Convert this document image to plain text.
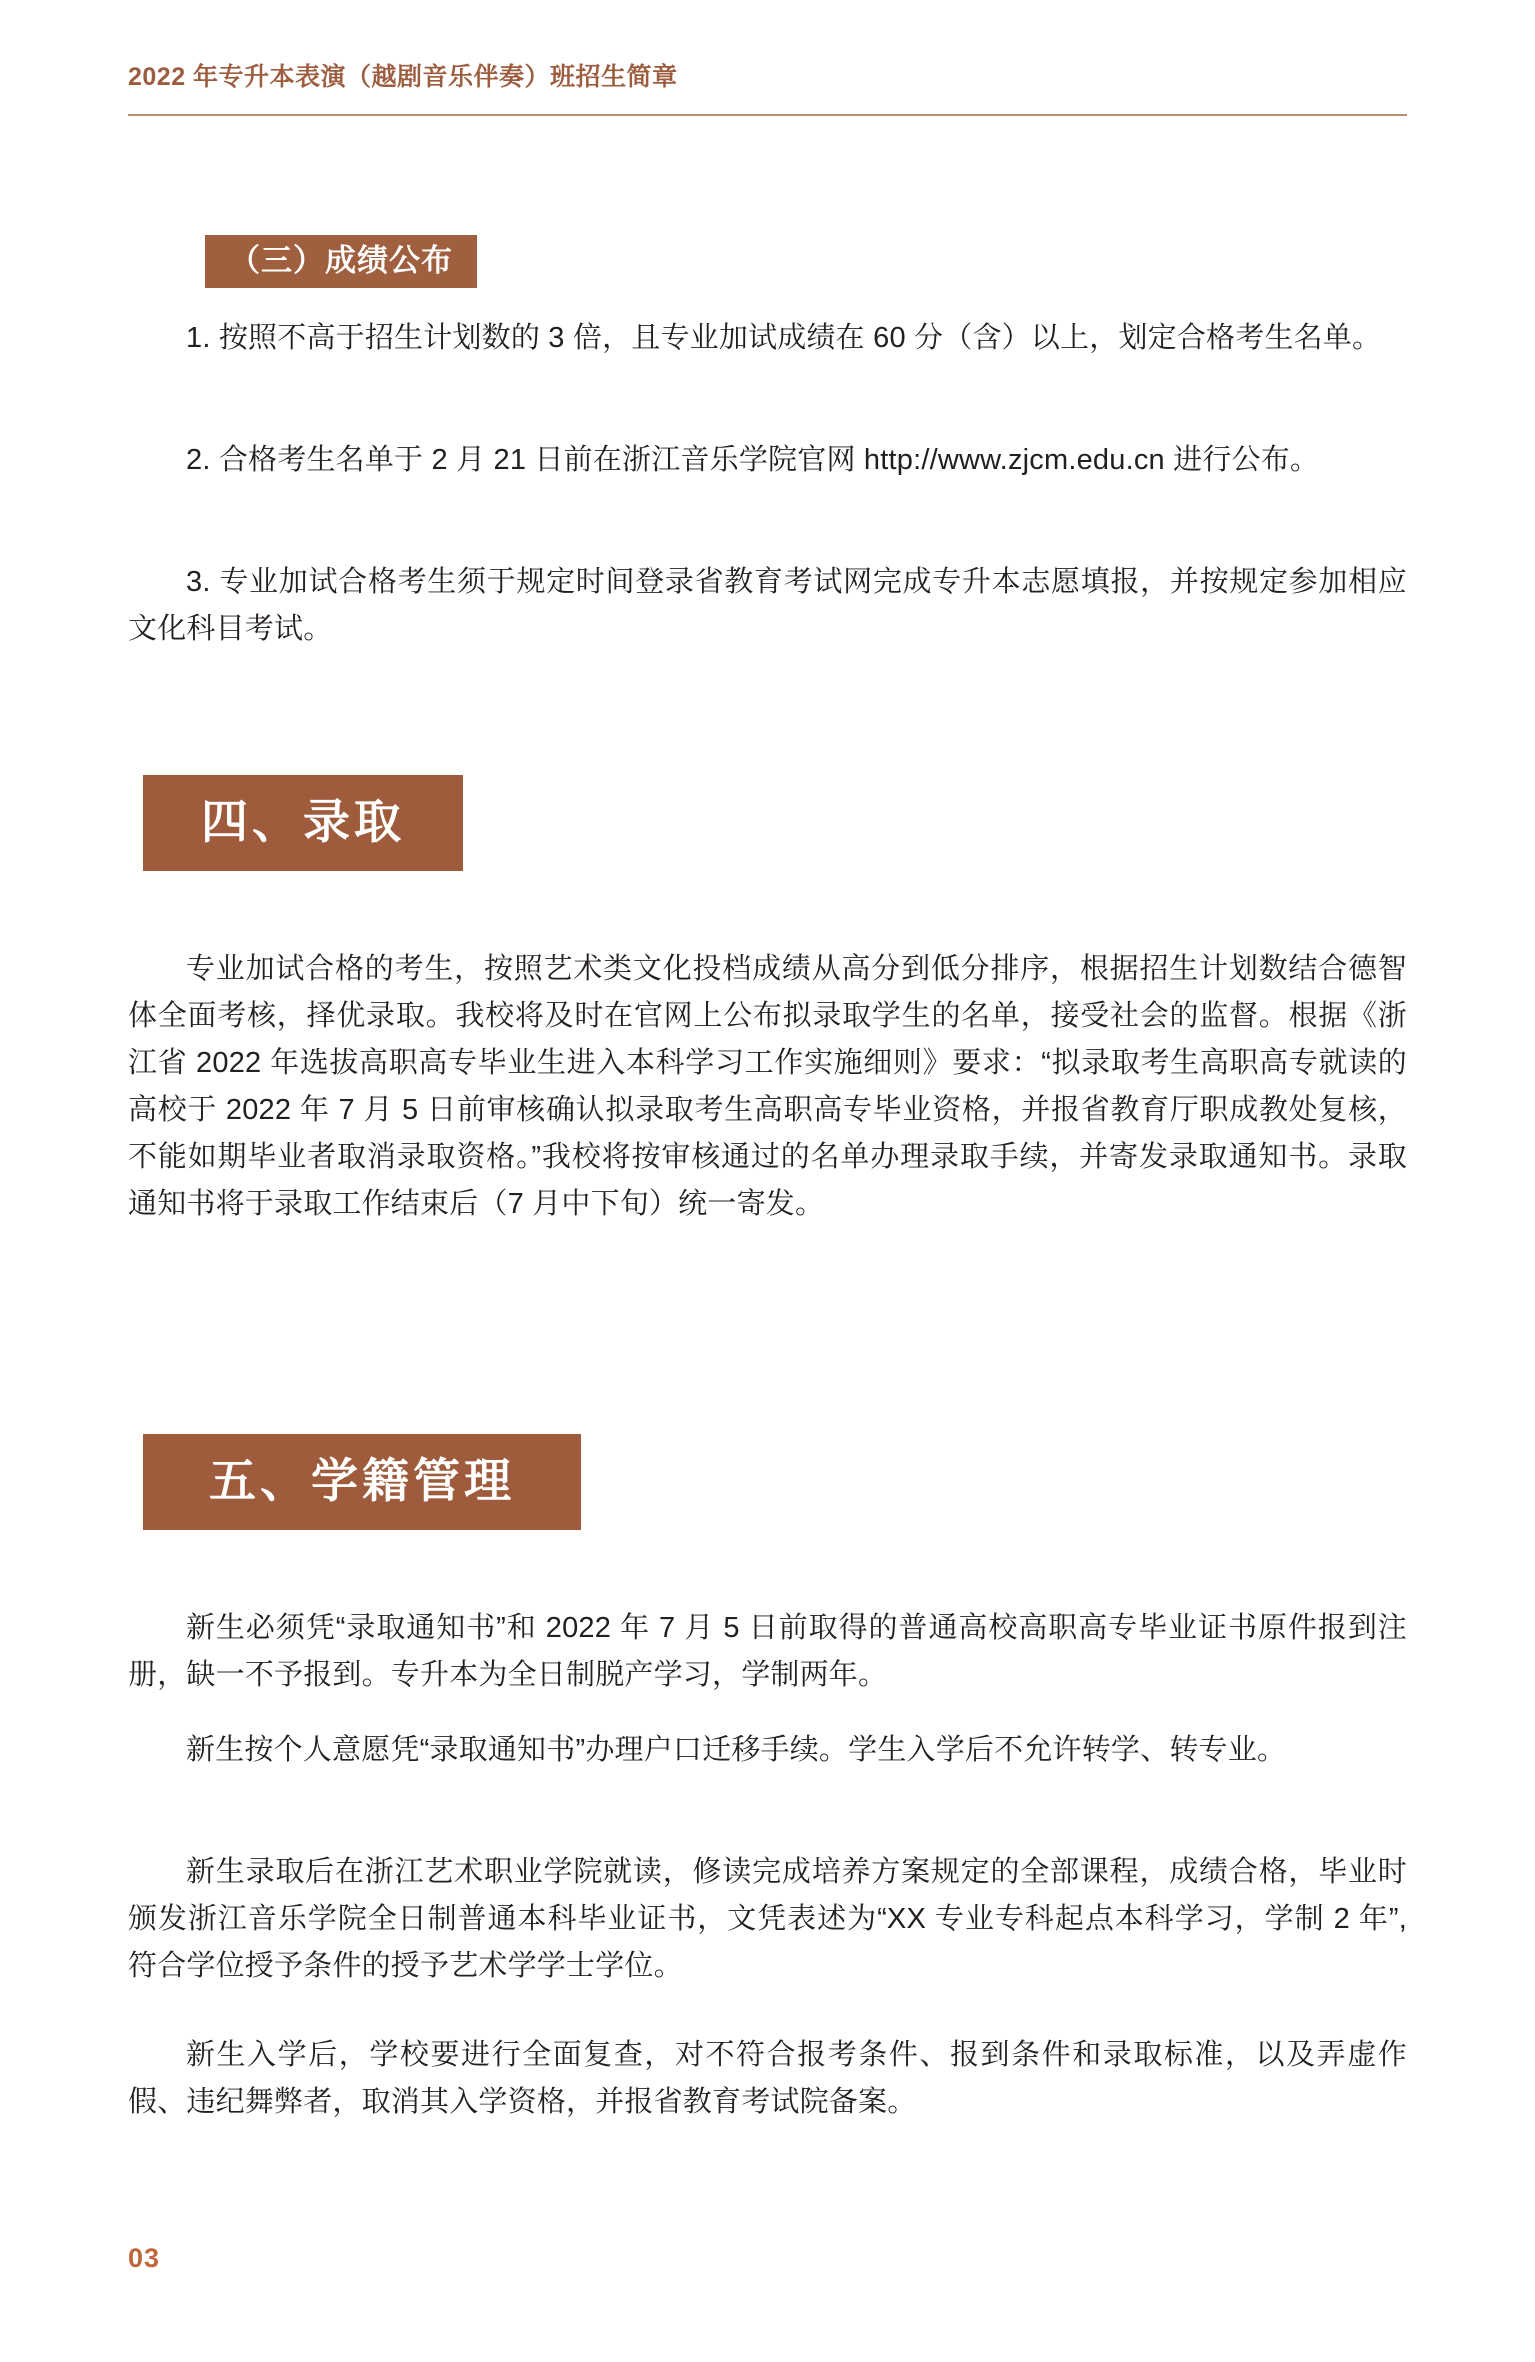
2022 年专升本表演（越剧音乐伴奏）班招生简章
（三）成绩公布
1. 按照不高于招生计划数的 3 倍，且专业加试成绩在 60 分（含）以上，划定合格考生名单。
2. 合格考生名单于 2 月 21 日前在浙江音乐学院官网 http://www.zjcm.edu.cn 进行公布。
3. 专业加试合格考生须于规定时间登录省教育考试网完成专升本志愿填报，并按规定参加相应文化科目考试。
四、录取
专业加试合格的考生，按照艺术类文化投档成绩从高分到低分排序，根据招生计划数结合德智体全面考核，择优录取。我校将及时在官网上公布拟录取学生的名单，接受社会的监督。根据《浙江省 2022 年选拔高职高专毕业生进入本科学习工作实施细则》要求：“拟录取考生高职高专就读的高校于 2022 年 7 月 5 日前审核确认拟录取考生高职高专毕业资格，并报省教育厅职成教处复核，不能如期毕业者取消录取资格。”我校将按审核通过的名单办理录取手续，并寄发录取通知书。录取通知书将于录取工作结束后（7 月中下旬）统一寄发。
五、学籍管理
新生必须凭“录取通知书”和 2022 年 7 月 5 日前取得的普通高校高职高专毕业证书原件报到注册，缺一不予报到。专升本为全日制脱产学习，学制两年。
新生按个人意愿凭“录取通知书”办理户口迁移手续。学生入学后不允许转学、转专业。
新生录取后在浙江艺术职业学院就读，修读完成培养方案规定的全部课程，成绩合格，毕业时颁发浙江音乐学院全日制普通本科毕业证书，文凭表述为“XX 专业专科起点本科学习，学制 2 年”, 符合学位授予条件的授予艺术学学士学位。
新生入学后，学校要进行全面复查，对不符合报考条件、报到条件和录取标准，以及弄虚作假、违纪舞弊者，取消其入学资格，并报省教育考试院备案。
03
